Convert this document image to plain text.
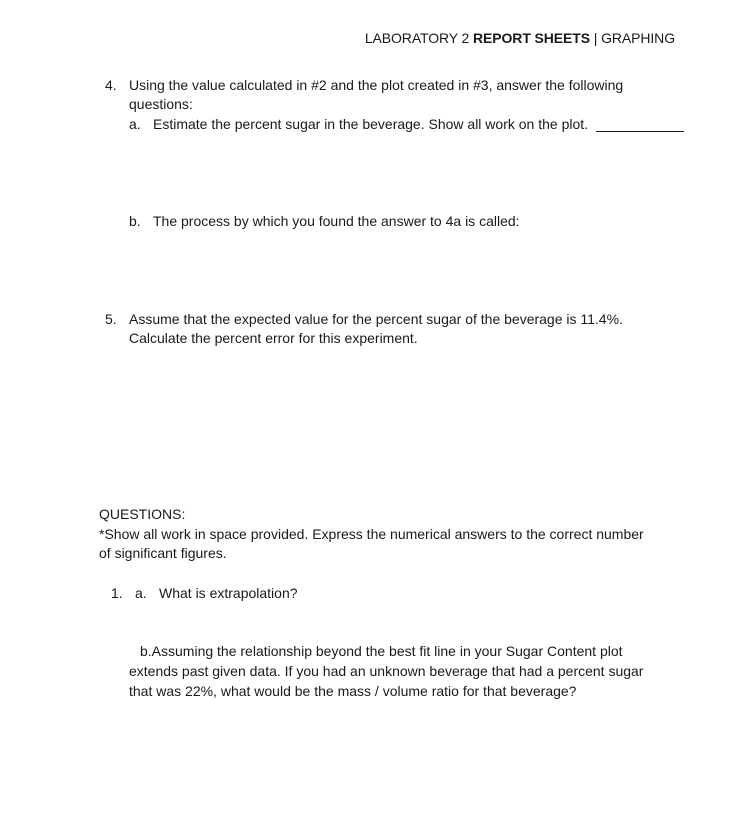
LABORATORY 2 REPORT SHEETS | GRAPHING
4. Using the value calculated in #2 and the plot created in #3, answer the following
questions:
a. Estimate the percent sugar in the beverage. Show all work on the plot.
b. The process by which you found the answer to 4a is called:
5. Assume that the expected value for the percent sugar of the beverage is 11.4%.
Calculate the percent error for this experiment.
QUESTIONS:
*Show all work in space provided. Express the numerical answers to the correct number
of significant figures.
1. a. What is extrapolation?
b.Assuming the relationship beyond the best fit line in your Sugar Content plot
extends past given data. If you had an unknown beverage that had a percent sugar
that was 22%, what would be the mass / volume ratio for that beverage?
